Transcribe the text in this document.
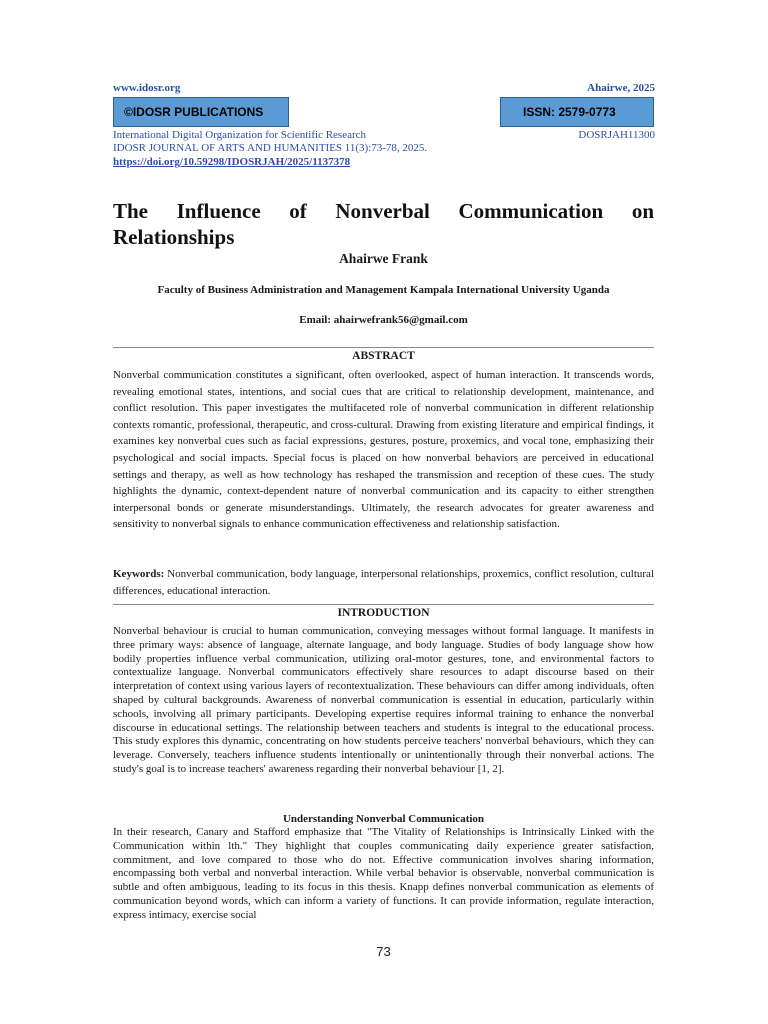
www.idosr.org	Ahairwe, 2025
©IDOSR PUBLICATIONS	ISSN: 2579-0773
International Digital Organization for Scientific Research	DOSRJAH11300
IDOSR JOURNAL OF ARTS AND HUMANITIES 11(3):73-78, 2025.
https://doi.org/10.59298/IDOSRJAH/2025/1137378
The Influence of Nonverbal Communication on Relationships
Ahairwe Frank
Faculty of Business Administration and Management Kampala International University Uganda
Email: ahairwefrank56@gmail.com
ABSTRACT
Nonverbal communication constitutes a significant, often overlooked, aspect of human interaction. It transcends words, revealing emotional states, intentions, and social cues that are critical to relationship development, maintenance, and conflict resolution. This paper investigates the multifaceted role of nonverbal communication in different relationship contexts romantic, professional, therapeutic, and cross-cultural. Drawing from existing literature and empirical findings, it examines key nonverbal cues such as facial expressions, gestures, posture, proxemics, and vocal tone, emphasizing their psychological and social impacts. Special focus is placed on how nonverbal behaviors are perceived in educational settings and therapy, as well as how technology has reshaped the transmission and reception of these cues. The study highlights the dynamic, context-dependent nature of nonverbal communication and its capacity to either strengthen interpersonal bonds or generate misunderstandings. Ultimately, the research advocates for greater awareness and sensitivity to nonverbal signals to enhance communication effectiveness and relationship satisfaction.
Keywords: Nonverbal communication, body language, interpersonal relationships, proxemics, conflict resolution, cultural differences, educational interaction.
INTRODUCTION
Nonverbal behaviour is crucial to human communication, conveying messages without formal language. It manifests in three primary ways: absence of language, alternate language, and body language. Studies of body language show how bodily properties influence verbal communication, utilizing oral-motor gestures, tone, and environmental factors to contextualize language. Nonverbal communicators effectively share resources to adapt discourse based on their interpretation of context using various layers of recontextualization. These behaviours can differ among individuals, often shaped by cultural backgrounds. Awareness of nonverbal communication is essential in education, particularly within schools, involving all primary participants. Developing expertise requires informal training to enhance the nonverbal discourse in educational settings. The relationship between teachers and students is integral to the educational process. This study explores this dynamic, concentrating on how students perceive teachers' nonverbal behaviours, which they can leverage. Conversely, teachers influence students intentionally or unintentionally through their nonverbal actions. The study's goal is to increase teachers' awareness regarding their nonverbal behaviour [1, 2].
Understanding Nonverbal Communication
In their research, Canary and Stafford emphasize that "The Vitality of Relationships is Intrinsically Linked with the Communication within lth." They highlight that couples communicating daily experience greater satisfaction, commitment, and love compared to those who do not. Effective communication involves sharing information, encompassing both verbal and nonverbal interaction. While verbal behavior is observable, nonverbal communication is subtle and often ambiguous, leading to its focus in this thesis. Knapp defines nonverbal communication as elements of communication beyond words, which can inform a variety of functions. It can provide information, regulate interaction, express intimacy, exercise social
73
